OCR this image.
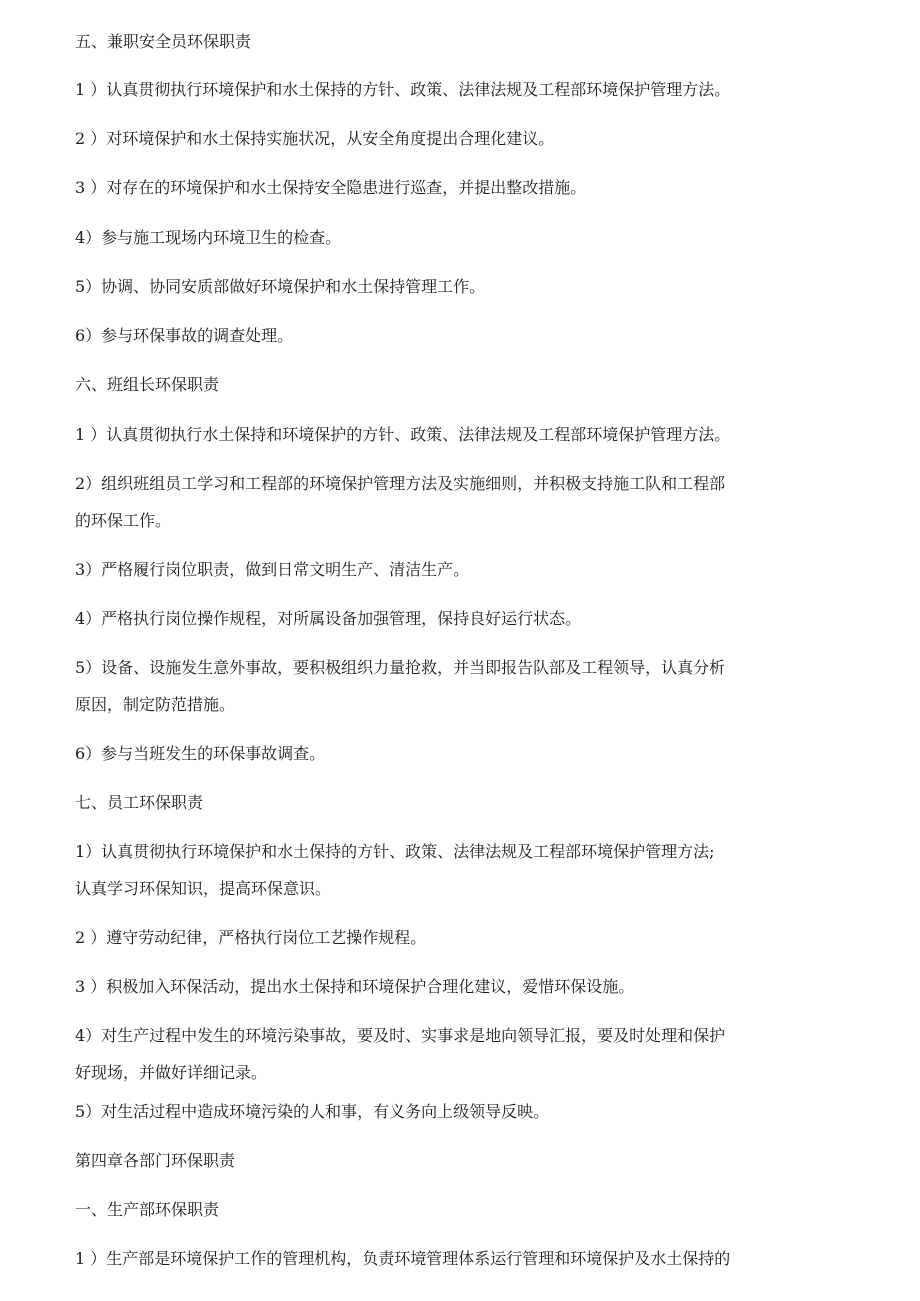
五、兼职安全员环保职责
1 ）认真贯彻执行环境保护和水土保持的方针、政策、法律法规及工程部环境保护管理方法。
2 ）对环境保护和水土保持实施状况，从安全角度提出合理化建议。
3 ）对存在的环境保护和水土保持安全隐患进行巡查，并提出整改措施。
4）参与施工现场内环境卫生的检查。
5）协调、协同安质部做好环境保护和水土保持管理工作。
6）参与环保事故的调查处理。
六、班组长环保职责
1 ）认真贯彻执行水土保持和环境保护的方针、政策、法律法规及工程部环境保护管理方法。
2）组织班组员工学习和工程部的环境保护管理方法及实施细则，并积极支持施工队和工程部
的环保工作。
3）严格履行岗位职责，做到日常文明生产、清洁生产。
4）严格执行岗位操作规程，对所属设备加强管理，保持良好运行状态。
5）设备、设施发生意外事故，要积极组织力量抢救，并当即报告队部及工程领导，认真分析
原因，制定防范措施。
6）参与当班发生的环保事故调查。
七、员工环保职责
1）认真贯彻执行环境保护和水土保持的方针、政策、法律法规及工程部环境保护管理方法;
认真学习环保知识，提高环保意识。
2 ）遵守劳动纪律，严格执行岗位工艺操作规程。
3 ）积极加入环保活动，提出水土保持和环境保护合理化建议，爱惜环保设施。
4）对生产过程中发生的环境污染事故，要及时、实事求是地向领导汇报，要及时处理和保护
好现场，并做好详细记录。
5）对生活过程中造成环境污染的人和事，有义务向上级领导反映。
第四章各部门环保职责
一、生产部环保职责
1 ）生产部是环境保护工作的管理机构，负责环境管理体系运行管理和环境保护及水土保持的
